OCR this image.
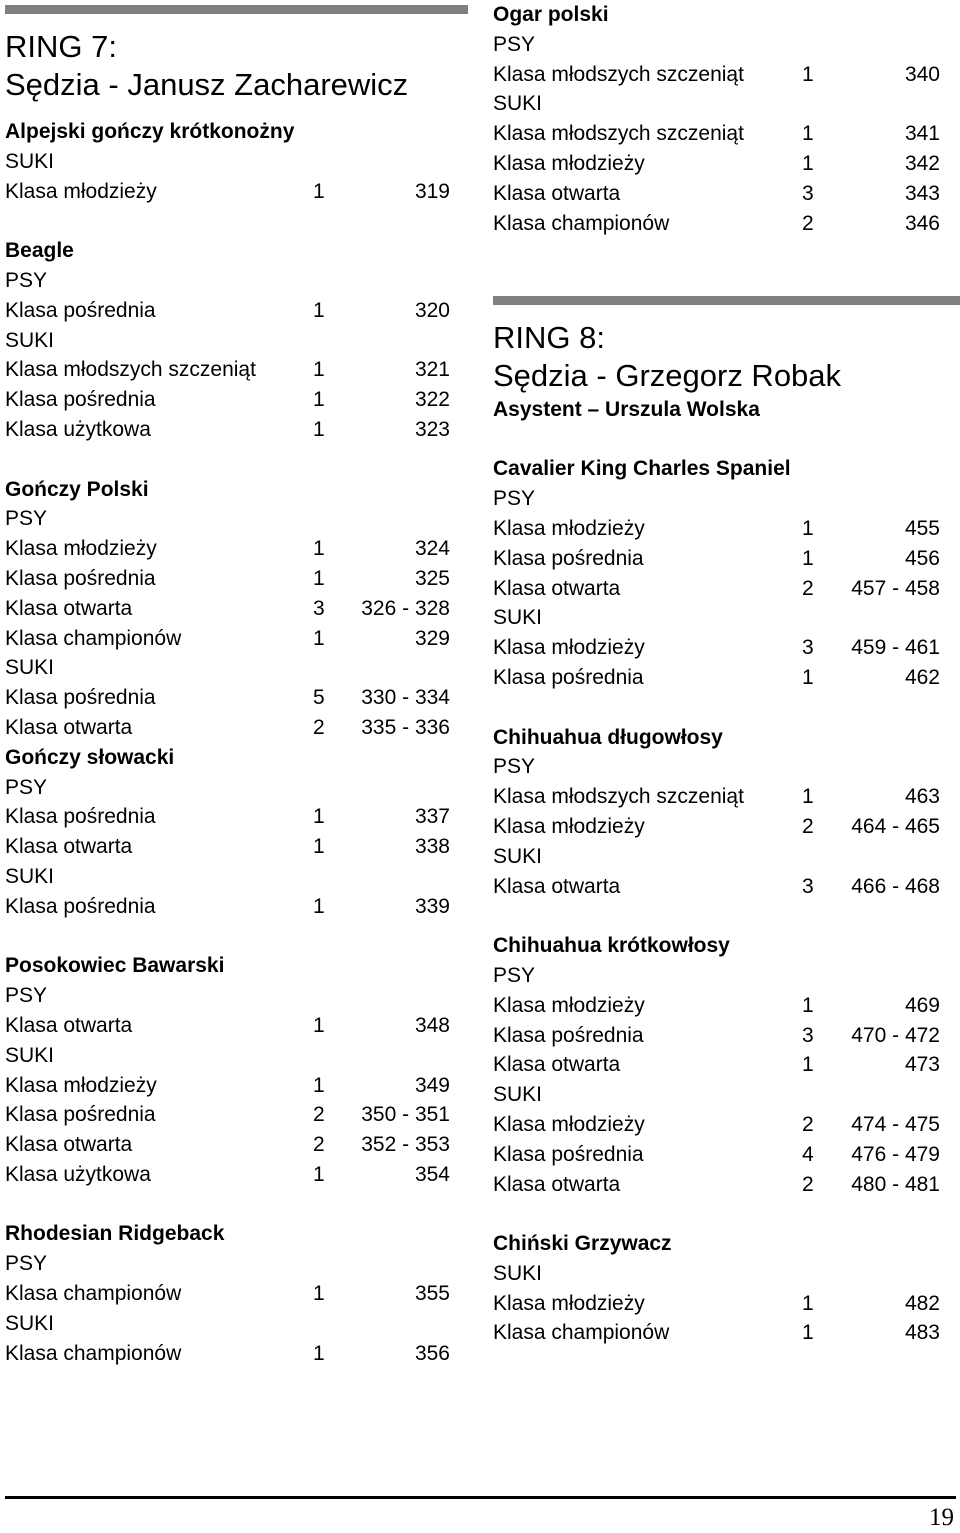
RING 7:
Sędzia - Janusz Zacharewicz
Alpejski gończy krótkonożny
SUKI
Klasa młodzieży	1	319
Beagle
PSY
Klasa pośrednia	1	320
SUKI
Klasa młodszych szczeniąt	1	321
Klasa pośrednia	1	322
Klasa użytkowa	1	323
Gończy Polski
PSY
Klasa młodzieży	1	324
Klasa pośrednia	1	325
Klasa otwarta	3 326 - 328
Klasa championów	1	329
SUKI
Klasa pośrednia	5 330 - 334
Klasa otwarta	2 335 - 336
Gończy słowacki
PSY
Klasa pośrednia	1	337
Klasa otwarta	1	338
SUKI
Klasa pośrednia	1	339
Posokowiec Bawarski
PSY
Klasa otwarta	1	348
SUKI
Klasa młodzieży	1	349
Klasa pośrednia	2 350 - 351
Klasa otwarta	2 352 - 353
Klasa użytkowa	1	354
Rhodesian Ridgeback
PSY
Klasa championów	1	355
SUKI
Klasa championów	1	356
Ogar polski
PSY
Klasa młodszych szczeniąt	1	340
SUKI
Klasa młodszych szczeniąt	1	341
Klasa młodzieży	1	342
Klasa otwarta	3	343
Klasa championów	2	346
RING 8:
Sędzia - Grzegorz Robak
Asystent – Urszula Wolska
Cavalier King Charles Spaniel
PSY
Klasa młodzieży	1	455
Klasa pośrednia	1	456
Klasa otwarta	2 457 - 458
SUKI
Klasa młodzieży	3 459 - 461
Klasa pośrednia	1	462
Chihuahua długowłosy
PSY
Klasa młodszych szczeniąt	1	463
Klasa młodzieży	2 464 - 465
SUKI
Klasa otwarta	3 466 - 468
Chihuahua krótkowłosy
PSY
Klasa młodzieży	1	469
Klasa pośrednia	3 470 - 472
Klasa otwarta	1	473
SUKI
Klasa młodzieży	2 474 - 475
Klasa pośrednia	4 476 - 479
Klasa otwarta	2 480 - 481
Chiński Grzywacz
SUKI
Klasa młodzieży	1	482
Klasa championów	1	483
19
